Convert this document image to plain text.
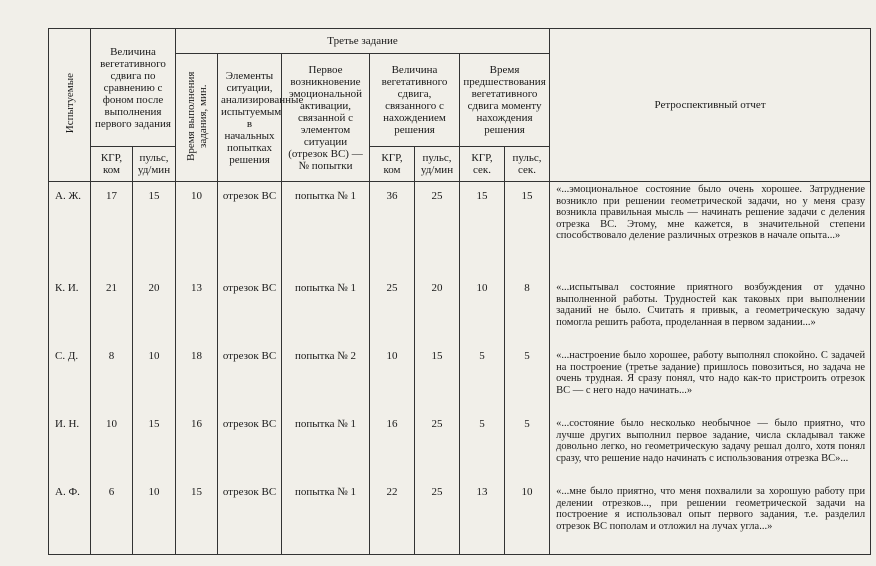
Испытуемые	Величина вегетативного сдвига по сравнению с фоном после выполнения первого задания		Третье задание							Ретроспективный отчет
			Время выполнения задания, мин.	Элементы ситуации, анализированные испытуемым в начальных попытках решения	Первое возникновение эмоциональной активации, связанной с элементом ситуации (отрезок ВС) — № попытки	Величина вегетативного сдвига, связанного с нахождением решения		Время предшествования вегетативного сдвига моменту нахождения решения		
	КГР, ком	пульс, уд/мин				КГР, ком	пульс, уд/мин	КГР, сек.	пульс, сек.	
А. Ж.	17	15	10	отрезок ВС	попытка № 1	36	25	15	15	«...эмоциональное состояние было очень хорошее. Затруднение возникло при решении геометрической задачи, но у меня сразу возникла правильная мысль — начинать решение задачи с деления отрезка ВС. Этому, мне кажется, в значительной степени способствовало деление различных отрезков в начале опыта...»
К. И.	21	20	13	отрезок ВС	попытка № 1	25	20	10	8	«...испытывал состояние приятного возбуждения от удачно выполненной работы. Трудностей как таковых при выполнении заданий не было. Считать я привык, а геометрическую задачу помогла решить работа, проделанная в первом задании...»
С. Д.	8	10	18	отрезок ВС	попытка № 2	10	15	5	5	«...настроение было хорошее, работу выполнял спокойно. С задачей на построение (третье задание) пришлось повозиться, но задача не очень трудная. Я сразу понял, что надо как-то пристроить отрезок ВС — с него надо начинать...»
И. Н.	10	15	16	отрезок ВС	попытка № 1	16	25	5	5	«...состояние было несколько необычное — было приятно, что лучше других выполнил первое задание, числа складывал также довольно легко, но геометрическую задачу решал долго, хотя понял сразу, что решение надо начинать с использования отрезка ВС»...
А. Ф.	6	10	15	отрезок ВС	попытка № 1	22	25	13	10	«...мне было приятно, что меня похвалили за хорошую работу при делении отрезков..., при решении геометрической задачи на построение я использовал опыт первого задания, т.е. разделил отрезок ВС пополам и отложил на лучах угла...»
